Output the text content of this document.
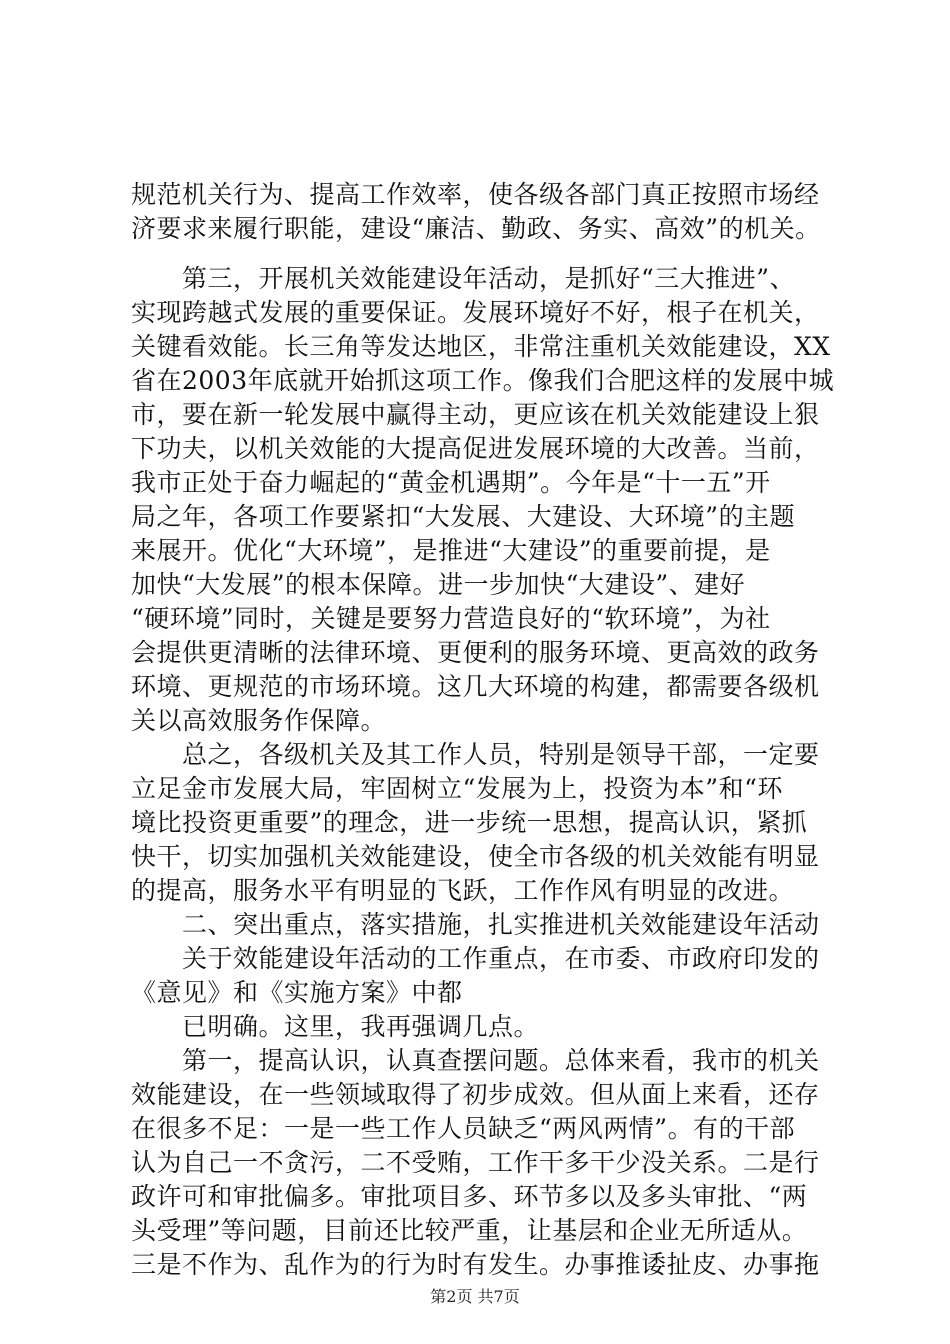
规范机关行为、提高工作效率，使各级各部门真正按照市场经
济要求来履行职能，建设“廉洁、勤政、务实、高效”的机关。
　　第三，开展机关效能建设年活动，是抓好“三大推进”、
实现跨越式发展的重要保证。发展环境好不好，根子在机关，
关键看效能。长三角等发达地区，非常注重机关效能建设，XX
省在2003年底就开始抓这项工作。像我们合肥这样的发展中城
市，要在新一轮发展中赢得主动，更应该在机关效能建设上狠
下功夫，以机关效能的大提高促进发展环境的大改善。当前，
我市正处于奋力崛起的“黄金机遇期”。今年是“十一五”开
局之年，各项工作要紧扣“大发展、大建设、大环境”的主题
来展开。优化“大环境”，是推进“大建设”的重要前提，是
加快“大发展”的根本保障。进一步加快“大建设”、建好
“硬环境”同时，关键是要努力营造良好的“软环境”，为社
会提供更清晰的法律环境、更便利的服务环境、更高效的政务
环境、更规范的市场环境。这几大环境的构建，都需要各级机
关以高效服务作保障。
　　总之，各级机关及其工作人员，特别是领导干部，一定要
立足金市发展大局，牢固树立“发展为上，投资为本”和“环
境比投资更重要”的理念，进一步统一思想，提高认识，紧抓
快干，切实加强机关效能建设，使全市各级的机关效能有明显
的提高，服务水平有明显的飞跃，工作作风有明显的改进。
　　二、突出重点，落实措施，扎实推进机关效能建设年活动
　　关于效能建设年活动的工作重点，在市委、市政府印发的
《意见》和《实施方案》中都
　　已明确。这里，我再强调几点。
　　第一，提高认识，认真查摆问题。总体来看，我市的机关
效能建设，在一些领域取得了初步成效。但从面上来看，还存
在很多不足：一是一些工作人员缺乏“两风两情”。有的干部
认为自己一不贪污，二不受贿，工作干多干少没关系。二是行
政许可和审批偏多。审批项目多、环节多以及多头审批、“两
头受理”等问题，目前还比较严重，让基层和企业无所适从。
三是不作为、乱作为的行为时有发生。办事推诿扯皮、办事拖
第2页 共7页
